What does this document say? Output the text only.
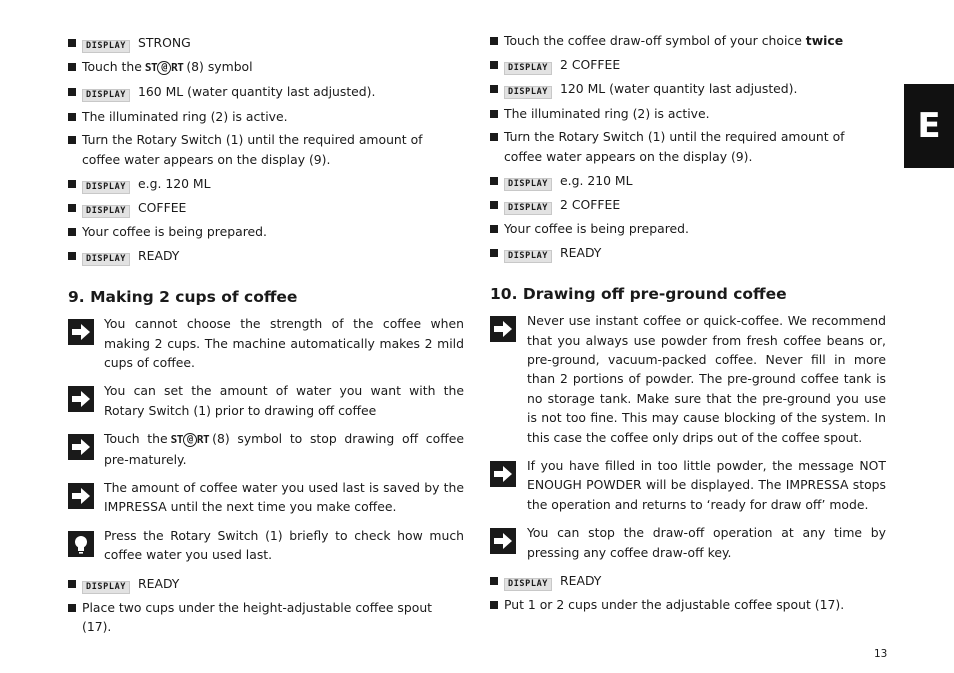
E
DISPLAY STRONG
Touch the ST @ RT (8) symbol
DISPLAY 160 ML (water quantity last adjusted).
The illuminated ring (2) is active.
Turn the Rotary Switch (1) until the required amount of coffee water appears on the display (9).
DISPLAY e.g. 120 ML
DISPLAY COFFEE
Your coffee is being prepared.
DISPLAY READY
9. Making 2 cups of coffee
You cannot choose the strength of the coffee when making 2 cups. The machine automatically makes 2 mild cups of coffee.
You can set the amount of water you want with the Rotary Switch (1) prior to drawing off coffee
Touch the ST @ RT (8) symbol to stop drawing off coffee pre-maturely.
The amount of coffee water you used last is saved by the IMPRESSA until the next time you make coffee.
Press the Rotary Switch (1) briefly to check how much coffee water you used last.
DISPLAY READY
Place two cups under the height-adjustable coffee spout (17).
Touch the coffee draw-off symbol of your choice twice
DISPLAY 2 COFFEE
DISPLAY 120 ML (water quantity last adjusted).
The illuminated ring (2) is active.
Turn the Rotary Switch (1) until the required amount of coffee water appears on the display (9).
DISPLAY e.g. 210 ML
DISPLAY 2 COFFEE
Your coffee is being prepared.
DISPLAY READY
10. Drawing off pre-ground coffee
Never use instant coffee or quick-coffee. We recommend that you always use powder from fresh coffee beans or, pre-ground, vacuum-packed coffee. Never fill in more than 2 portions of powder. The pre-ground coffee tank is no storage tank. Make sure that the pre-ground you use is not too fine. This may cause blocking of the system. In this case the coffee only drips out of the coffee spout.
If you have filled in too little powder, the message NOT ENOUGH POWDER will be displayed. The IMPRESSA stops the operation and returns to ‘ready for draw off’ mode.
You can stop the draw-off operation at any time by pressing any coffee draw-off key.
DISPLAY READY
Put 1 or 2 cups under the adjustable coffee spout (17).
13
